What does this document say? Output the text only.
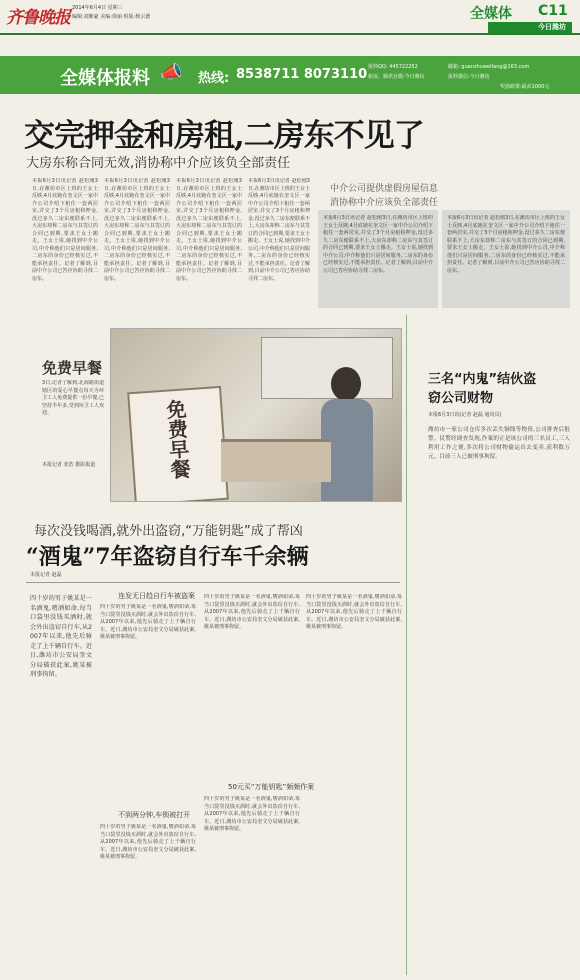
齐鲁晚报 2014年6月4日 星期三
编辑:刘紫豪 美编:徐丽 组版:杨云德	全媒体 C11
今日潍坊
全媒体报料 📣 热线: 8538711 8073110 报料QQ: 445722252	邮箱: guanzhuweifang@163.com
新浪、腾讯官微:今日潍坊	报料微信:今日潍坊
奖励政策:最高1000元
交完押金和房租,二房东不见了
大房东称合同无效,消协称中介应该负全部责任
本报6月3日讯记者 赵松刚3日,在潍坊市区上班的王女士反映,4月底她在奎文区一家中介公司介绍下租住一套两居室,并交了3个月房租和押金,没过多久二房东便联系不上,大房东却称二房东与其签订的合同已到期,要求王女士搬走。王女士说,她找到中介公司,中介称他们只是居间服务,二房东的身份已经核实过,不能承担责任。记者了解到,目前中介公司已答应协助寻找二房东。
本报6月3日讯记者 赵松刚3日,在潍坊市区上班的王女士反映,4月底她在奎文区一家中介公司介绍下租住一套两居室,并交了3个月房租和押金,没过多久二房东便联系不上,大房东却称二房东与其签订的合同已到期,要求王女士搬走。王女士说,她找到中介公司,中介称他们只是居间服务,二房东的身份已经核实过,不能承担责任。记者了解到,目前中介公司已答应协助寻找二房东。
本报6月3日讯记者 赵松刚3日,在潍坊市区上班的王女士反映,4月底她在奎文区一家中介公司介绍下租住一套两居室,并交了3个月房租和押金,没过多久二房东便联系不上,大房东却称二房东与其签订的合同已到期,要求王女士搬走。王女士说,她找到中介公司,中介称他们只是居间服务,二房东的身份已经核实过,不能承担责任。记者了解到,目前中介公司已答应协助寻找二房东。
本报6月3日讯记者 赵松刚3日,在潍坊市区上班的王女士反映,4月底她在奎文区一家中介公司介绍下租住一套两居室,并交了3个月房租和押金,没过多久二房东便联系不上,大房东却称二房东与其签订的合同已到期,要求王女士搬走。王女士说,她找到中介公司,中介称他们只是居间服务,二房东的身份已经核实过,不能承担责任。记者了解到,目前中介公司已答应协助寻找二房东。
中介公司提供虚假房屋信息
消协称中介应该负全部责任
本报6月3日讯记者 赵松刚3日,在潍坊市区上班的王女士反映,4月底她在奎文区一家中介公司介绍下租住一套两居室,并交了3个月房租和押金,没过多久二房东便联系不上,大房东却称二房东与其签订的合同已到期,要求王女士搬走。王女士说,她找到中介公司,中介称他们只是居间服务,二房东的身份已经核实过,不能承担责任。记者了解到,目前中介公司已答应协助寻找二房东。
本报6月3日讯记者 赵松刚3日,在潍坊市区上班的王女士反映,4月底她在奎文区一家中介公司介绍下租住一套两居室,并交了3个月房租和押金,没过多久二房东便联系不上,大房东却称二房东与其签订的合同已到期,要求王女士搬走。王女士说,她找到中介公司,中介称他们只是居间服务,二房东的身份已经核实过,不能承担责任。记者了解到,目前中介公司已答应协助寻找二房东。
免费早餐
3日,记者了解到,北海路街道辖区的爱心早餐点每天为环卫工人免费提供一份早餐,已坚持半年多,受到环卫工人欢迎。
本报记者 张浩 摄影报道	免费早餐
每次没钱喝酒,就外出盗窃,“万能钥匙”成了帮凶
“酒鬼”7年盗窃自行车千余辆
本报记者 赵磊
四十岁的男子姚某是一名酒鬼,嗜酒如命,每当口袋里没钱买酒时,就会外出盗窃自行车,从2007年以来,他先后骑走了上千辆自行车。近日,潍坊市公安局奎文分局破获此案,姚某被刑事拘留。
连发无日趋自行车被盗案
四十岁的男子姚某是一名酒鬼,嗜酒如命,每当口袋里没钱买酒时,就会外出盗窃自行车,从2007年以来,他先后骑走了上千辆自行车。近日,潍坊市公安局奎文分局破获此案,姚某被刑事拘留。
不到两分钟,车锁被打开
四十岁的男子姚某是一名酒鬼,嗜酒如命,每当口袋里没钱买酒时,就会外出盗窃自行车,从2007年以来,他先后骑走了上千辆自行车。近日,潍坊市公安局奎文分局破获此案,姚某被刑事拘留。
四十岁的男子姚某是一名酒鬼,嗜酒如命,每当口袋里没钱买酒时,就会外出盗窃自行车,从2007年以来,他先后骑走了上千辆自行车。近日,潍坊市公安局奎文分局破获此案,姚某被刑事拘留。
50元买“万能钥匙”频频作案
四十岁的男子姚某是一名酒鬼,嗜酒如命,每当口袋里没钱买酒时,就会外出盗窃自行车,从2007年以来,他先后骑走了上千辆自行车。近日,潍坊市公安局奎文分局破获此案,姚某被刑事拘留。
四十岁的男子姚某是一名酒鬼,嗜酒如命,每当口袋里没钱买酒时,就会外出盗窃自行车,从2007年以来,他先后骑走了上千辆自行车。近日,潍坊市公安局奎文分局破获此案,姚某被刑事拘留。
三名“内鬼”结伙盗窃公司财物
本报6月3日讯(记者 赵磊 通讯员)
潍坊市一家公司仓库多次丢失铜线等物资,公司排查后报警。民警经调查发现,作案的正是该公司的三名员工,三人利用工作之便,多次将公司财物偷运出去变卖,获利数万元。目前三人已被刑事拘留。
